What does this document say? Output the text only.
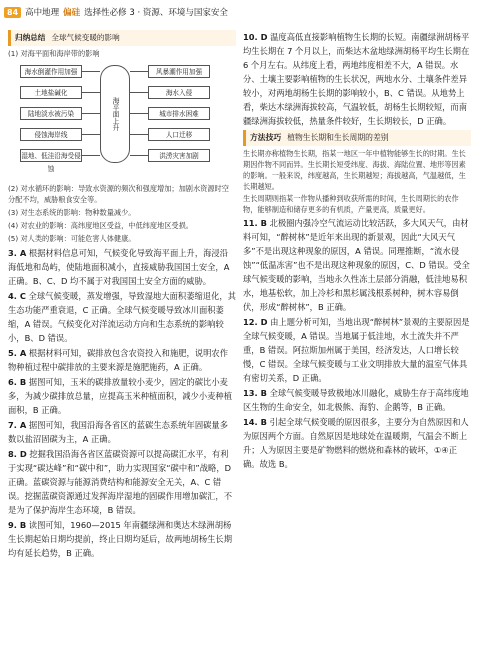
84 高中地理 偏硅 选择性必修 3 · 资源、环境与国家安全
归纳总结 全球气候变暖的影响
(1) 对海平面和海岸带的影响
海水倒灌作用加强
土地盐碱化
陆地淡水被污染
侵蚀海岸线
湿地、低洼沿海受侵蚀
海平面上升
风暴潮作用加强
海水入侵
城市排水困难
人口迁移
洪涝灾害加剧
(2) 对水循环的影响：导致水资源的频次和强度增加；加剧水资源时空分配不均，威胁粮食安全等。
(3) 对生态系统的影响：物种数量减少。
(4) 对农业的影响：高纬度地区受益，中低纬度地区受损。
(5) 对人类的影响：可能危害人体健康。

3. A 根据材料信息可知，气候变化导致海平面上升，海浸沿海低地和岛屿，使陆地面积减小，直接威胁我国国土安全，A 正确。B、C、D 均不属于对我国国土安全方面的威胁。

4. C 全球气候变暖，蒸发增强，导致湿地大面积萎缩退化，其生态功能严重衰退，C 正确。全球气候变暖导致冰川面积萎缩，A 错误。气候变化对洋流运动方向和生态系统的影响较小，B、D 错误。

5. A 根据材料可知，碳排放包含农资投入和施肥，说明农作物种植过程中碳排放的主要来源是施肥施药，A 正确。

6. B 据图可知，玉米的碳排放量较小麦少，固定的碳比小麦多，为减少碳排放总量，应提高玉米种植面积，减少小麦种植面积，B 正确。

7. A 据图可知，我国沿海各省区的蓝碳生态系统年固碳量多数以盐沼固碳为主，A 正确。

8. D 挖掘我国沿海各省区蓝碳资源可以提高碳汇水平，有利于实现“碳达峰”和“碳中和”，助力实现国家“碳中和”战略，D 正确。蓝碳资源与能源消费结构和能源安全无关，A、C 错误。挖掘蓝碳资源通过发挥海岸湿地的固碳作用增加碳汇，不是为了保护海岸生态环境，B 错误。

9. B 读图可知，1960—2015 年南疆绿洲和奥达木绿洲胡杨生长期起始日期均提前，终止日期均延后，故两地胡杨生长期均有延长趋势，B 正确。

10. D 温度高低直接影响植物生长期的长短。南疆绿洲胡杨平均生长期在 7 个月以上，而柴达木盆地绿洲胡杨平均生长期在 6 个月左右。从纬度上看，两地纬度相差不大，A 错误。水分、土壤主要影响植物的生长状况，两地水分、土壤条件差异较小，对两地胡杨生长期的影响较小，B、C 错误。从地势上看，柴达木绿洲海拔较高，气温较低，胡杨生长期较短，而南疆绿洲海拔较低，热量条件较好，生长期较长，D 正确。

方法技巧 植物生长期和生长周期的差别
生长期亦称植物生长期，指某一地区一年中植物能够生长的时期。生长期因作物不同而异。生长期长短受纬度、海拔、海陆位置、地形等因素的影响。一般来说，纬度越高，生长期越短；海拔越高，气温越低，生长期越短。
生长周期则指某一作物从播种到收获所需的时间，生长周期长的农作物，能够制造和储存更多的有机质，产量更高，质量更好。

11. B 北极圈内强冷空气流运动比较活跃，多大风天气，由材料可知，“醉树林”是近年来出现的新景观，因此“大风天气多”不是出现这种现象的原因，A 错误。同理推断，“流水侵蚀”“低温冻害”也不是出现这种现象的原因，C、D 错误。受全球气候变暖的影响，当地永久性冻土层部分消融，低洼地易积水，地基松软，加上冷杉和黑杉属浅根系树种，树木容易倒伏，形成“醉树林”，B 正确。

12. D 由上题分析可知，当地出现“醉树林”景观的主要原因是全球气候变暖，A 错误。当地属于低洼地，水土流失并不严重，B 错误。阿拉斯加州属于美国，经济发达，人口增长较慢，C 错误。全球气候变暖与工业文明排放大量的温室气体具有密切关系，D 正确。

13. B 全球气候变暖导致极地冰川融化，威胁生存于高纬度地区生物的生命安全，如北极熊、海豹、企鹅等，B 正确。

14. B 引起全球气候变暖的原因很多，主要分为自然原因和人为原因两个方面。自然原因是地球处在温暖期，气温会不断上升；人为原因主要是矿物燃料的燃烧和森林的破坏，①④正确。故选 B。
